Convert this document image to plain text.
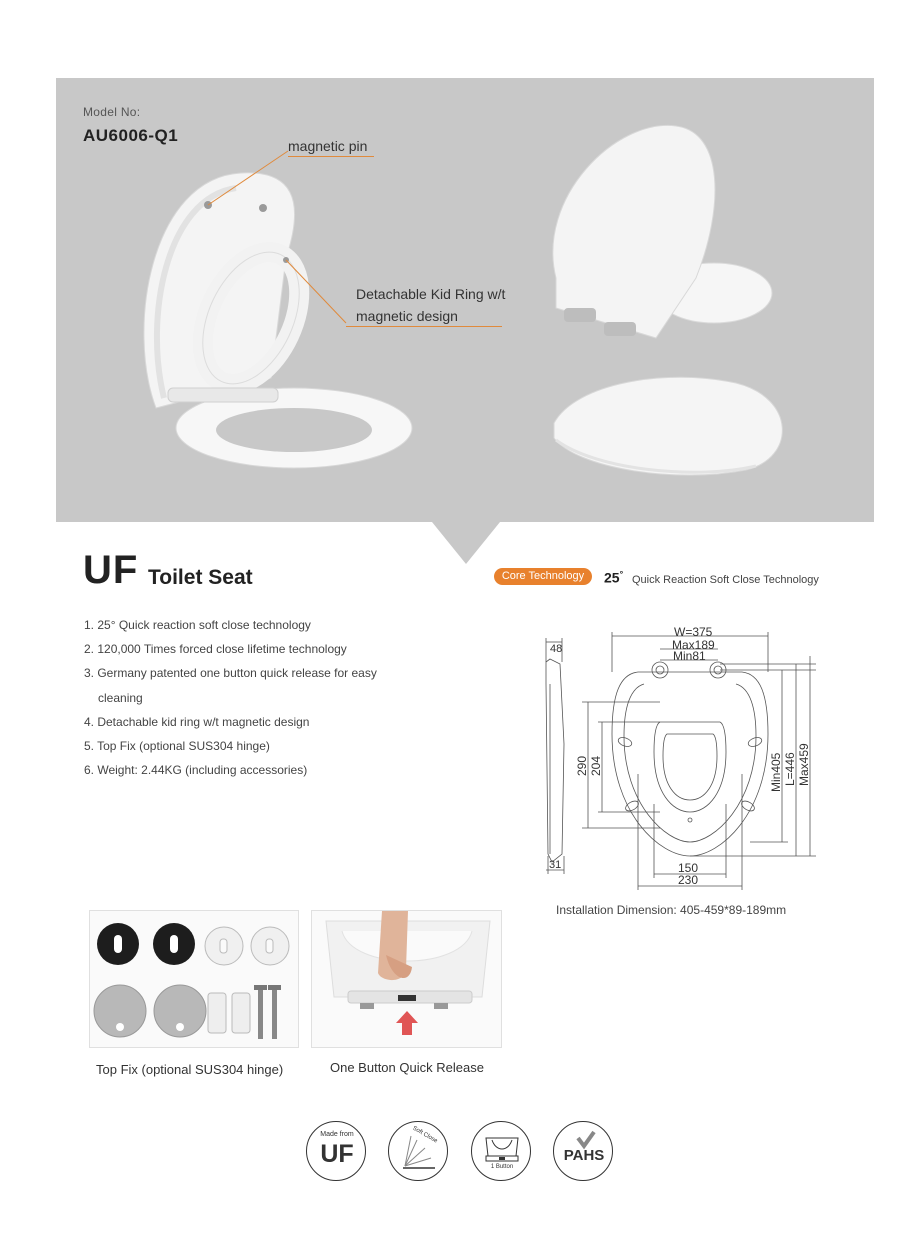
Model No:
AU6006-Q1
magnetic pin
Detachable Kid Ring w/t
magnetic design
UF Toilet Seat	Core Technology	25° Quick Reaction Soft Close Technology
1. 25° Quick reaction soft close technology
2. 120,000 Times forced close lifetime technology
3. Germany patented one button quick release for easy
cleaning
4. Detachable kid ring w/t magnetic design
5. Top Fix (optional SUS304 hinge)
6. Weight: 2.44KG (including accessories)
48
31
W=375
Max189
Min81
290 204	Min405 L=446 Max459
150
230
Installation Dimension: 405-459*89-189mm
Top Fix (optional SUS304 hinge)	One Button Quick Release
Made from
UF
Soft Close
1 Button
PAHS
